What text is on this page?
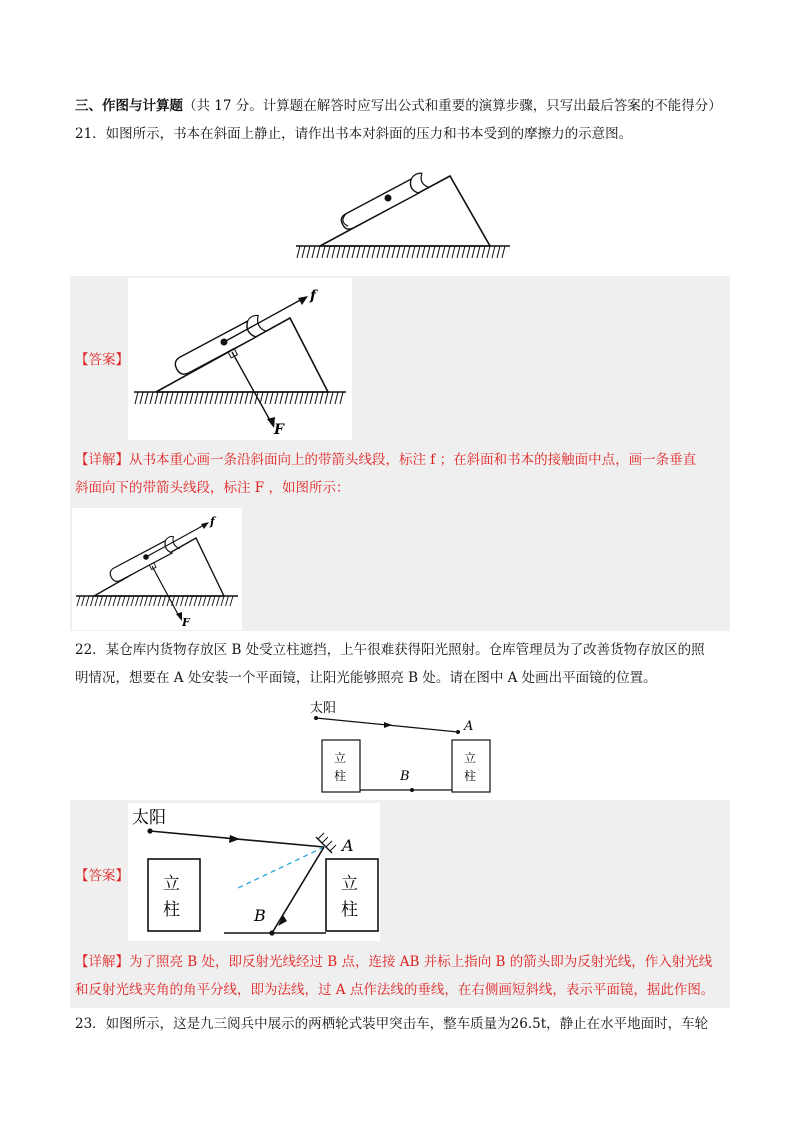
三、作图与计算题（共 17 分。计算题在解答时应写出公式和重要的演算步骤，只写出最后答案的不能得分）
21．如图所示，书本在斜面上静止，请作出书本对斜面的压力和书本受到的摩擦力的示意图。
【答案】
f
F
【详解】从书本重心画一条沿斜面向上的带箭头线段，标注 f ；在斜面和书本的接触面中点，画一条垂直
斜面向下的带箭头线段，标注 F ，如图所示：
f
F
22．某仓库内货物存放区 B 处受立柱遮挡，上午很难获得阳光照射。仓库管理员为了改善货物存放区的照
明情况，想要在 A 处安装一个平面镜，让阳光能够照亮 B 处。请在图中 A 处画出平面镜的位置。
太阳
A
立
柱
立
柱
B
【答案】
太阳
A
立
柱
立
柱
B
【详解】为了照亮 B 处，即反射光线经过 B 点，连接 AB 并标上指向 B 的箭头即为反射光线，作入射光线
和反射光线夹角的角平分线，即为法线，过 A 点作法线的垂线，在右侧画短斜线，表示平面镜，据此作图。
23．如图所示，这是九三阅兵中展示的两栖轮式装甲突击车，整车质量为26.5t，静止在水平地面时，车轮
